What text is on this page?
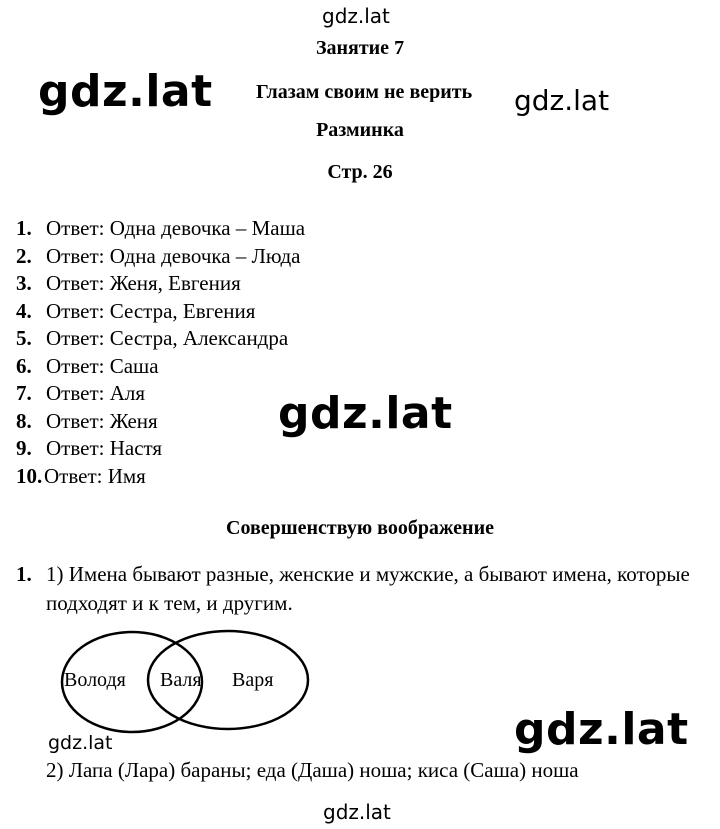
gdz.lat
gdz.lat
Занятие 7
Глазам своим не верить gdz.lat
Разминка
Стр. 26
1. Ответ: Одна девочка – Маша
2. Ответ: Одна девочка – Люда
3. Ответ: Женя, Евгения
4. Ответ: Сестра, Евгения
5. Ответ: Сестра, Александра
6. Ответ: Саша
7. Ответ: Аля
8. Ответ: Женя
9. Ответ: Настя
10.Ответ: Имя
gdz.lat
Совершенствую воображение
1. 1) Имена бывают разные, женские и мужские, а бывают имена, которые подходят и к тем, и другим.
Володя Валя Варя
gdz.lat	gdz.lat
2) Лапа (Лара) бараны; еда (Даша) ноша; киса (Саша) ноша
gdz.lat
